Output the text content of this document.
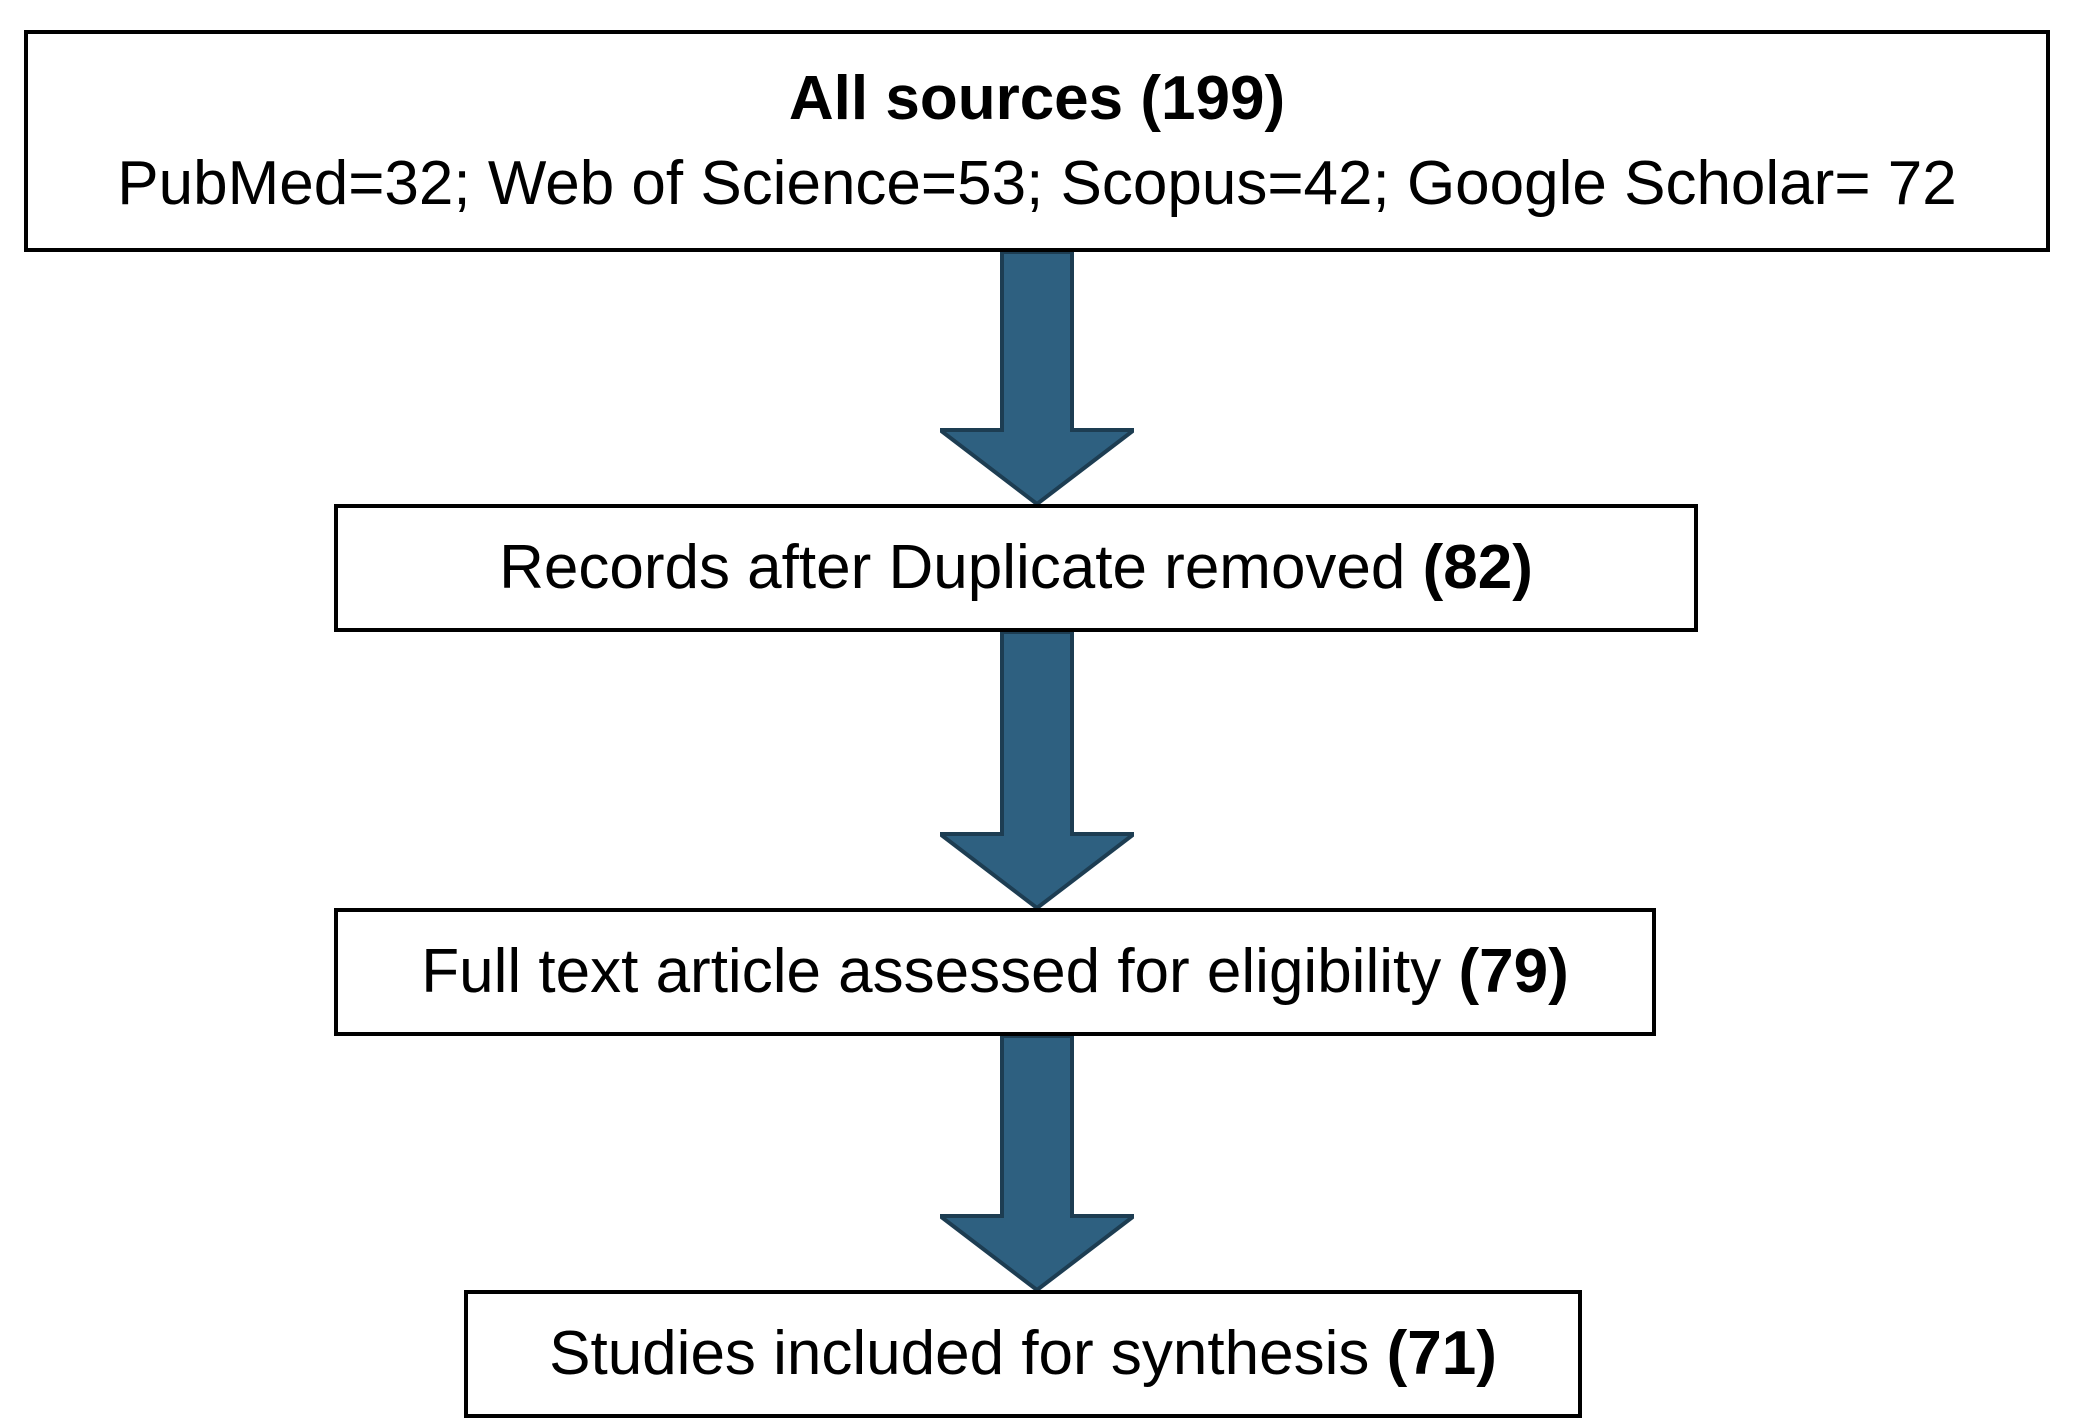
All sources (199)
PubMed=32; Web of Science=53; Scopus=42; Google Scholar= 72
Records after Duplicate removed (82)
Full text article assessed for eligibility (79)
Studies included for synthesis (71)
